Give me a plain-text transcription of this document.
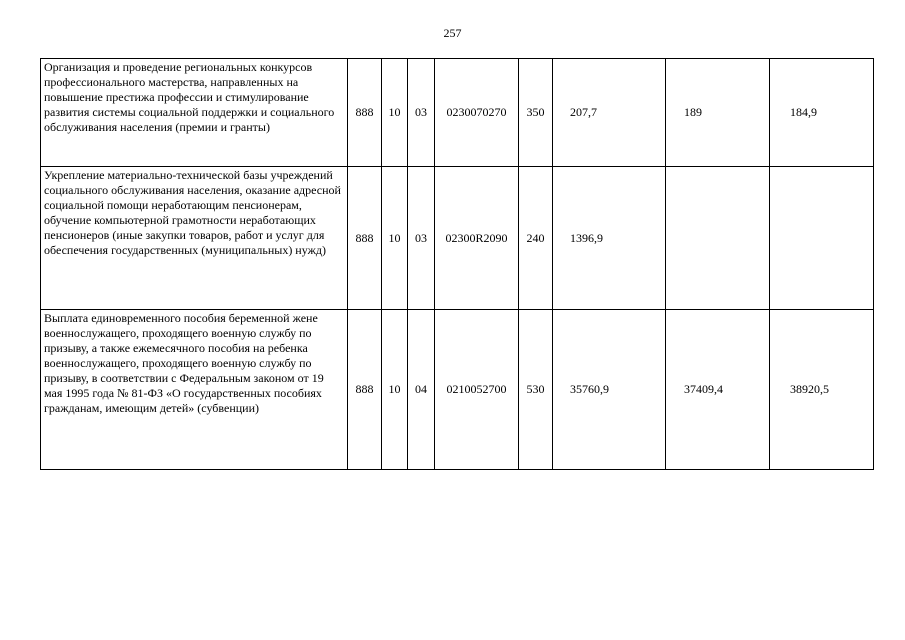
257
Организация и проведение региональных конкурсов профессионального мастерства, направленных на повышение престижа профессии и стимулирование развития системы социальной поддержки и социального обслуживания населения (премии и гранты)	888	10	03	0230070270	350	207,7	189	184,9
Укрепление материально-технической базы учреждений социального обслуживания населения, оказание адресной социальной помощи неработающим пенсионерам, обучение компьютерной грамотности неработающих пенсионеров (иные закупки товаров, работ и услуг для обеспечения государственных (муниципальных) нужд)	888	10	03	02300R2090	240	1396,9		
Выплата единовременного пособия беременной жене военнослужащего, проходящего военную службу по призыву, а также ежемесячного пособия на ребенка военнослужащего, проходящего военную службу по призыву, в соответствии с Федеральным законом от 19 мая 1995 года № 81-ФЗ «О государственных пособиях гражданам, имеющим детей» (субвенции)	888	10	04	0210052700	530	35760,9	37409,4	38920,5
